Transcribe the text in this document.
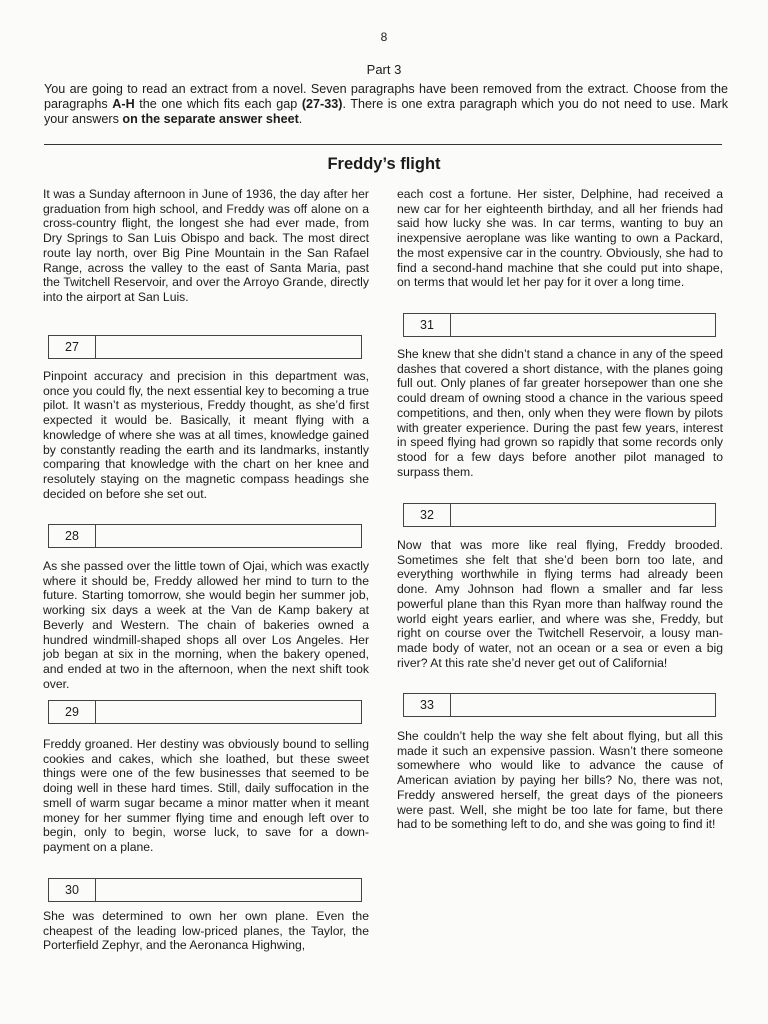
8
Part 3
You are going to read an extract from a novel. Seven paragraphs have been removed from the extract. Choose from the paragraphs A-H the one which fits each gap (27-33). There is one extra paragraph which you do not need to use. Mark your answers on the separate answer sheet.
Freddy’s flight

It was a Sunday afternoon in June of 1936, the day after her graduation from high school, and Freddy was off alone on a cross-country flight, the longest she had ever made, from Dry Springs to San Luis Obispo and back. The most direct route lay north, over Big Pine Mountain in the San Rafael Range, across the valley to the east of Santa Maria, past the Twitchell Reservoir, and over the Arroyo Grande, directly into the airport at San Luis.

27

Pinpoint accuracy and precision in this department was, once you could fly, the next essential key to becoming a true pilot. It wasn’t as mysterious, Freddy thought, as she’d first expected it would be. Basically, it meant flying with a knowledge of where she was at all times, knowledge gained by constantly reading the earth and its landmarks, instantly comparing that knowledge with the chart on her knee and resolutely staying on the magnetic compass headings she decided on before she set out.

28

As she passed over the little town of Ojai, which was exactly where it should be, Freddy allowed her mind to turn to the future. Starting tomorrow, she would begin her summer job, working six days a week at the Van de Kamp bakery at Beverly and Western. The chain of bakeries owned a hundred windmill-shaped shops all over Los Angeles. Her job began at six in the morning, when the bakery opened, and ended at two in the afternoon, when the next shift took over.

29

Freddy groaned. Her destiny was obviously bound to selling cookies and cakes, which she loathed, but these sweet things were one of the few businesses that seemed to be doing well in these hard times. Still, daily suffocation in the smell of warm sugar became a minor matter when it meant money for her summer flying time and enough left over to begin, only to begin, worse luck, to save for a down-payment on a plane.

30

She was determined to own her own plane. Even the cheapest of the leading low-priced planes, the Taylor, the Porterfield Zephyr, and the Aeronanca Highwing,

each cost a fortune. Her sister, Delphine, had received a new car for her eighteenth birthday, and all her friends had said how lucky she was. In car terms, wanting to buy an inexpensive aeroplane was like wanting to own a Packard, the most expensive car in the country. Obviously, she had to find a second-hand machine that she could put into shape, on terms that would let her pay for it over a long time.

31

She knew that she didn’t stand a chance in any of the speed dashes that covered a short distance, with the planes going full out. Only planes of far greater horsepower than one she could dream of owning stood a chance in the various speed competitions, and then, only when they were flown by pilots with greater experience. During the past few years, interest in speed flying had grown so rapidly that some records only stood for a few days before another pilot managed to surpass them.

32

Now that was more like real flying, Freddy brooded. Sometimes she felt that she’d been born too late, and everything worthwhile in flying terms had already been done. Amy Johnson had flown a smaller and far less powerful plane than this Ryan more than halfway round the world eight years earlier, and where was she, Freddy, but right on course over the Twitchell Reservoir, a lousy man-made body of water, not an ocean or a sea or even a big river? At this rate she’d never get out of California!

33

She couldn’t help the way she felt about flying, but all this made it such an expensive passion. Wasn’t there someone somewhere who would like to advance the cause of American aviation by paying her bills? No, there was not, Freddy answered herself, the great days of the pioneers were past. Well, she might be too late for fame, but there had to be something left to do, and she was going to find it!
